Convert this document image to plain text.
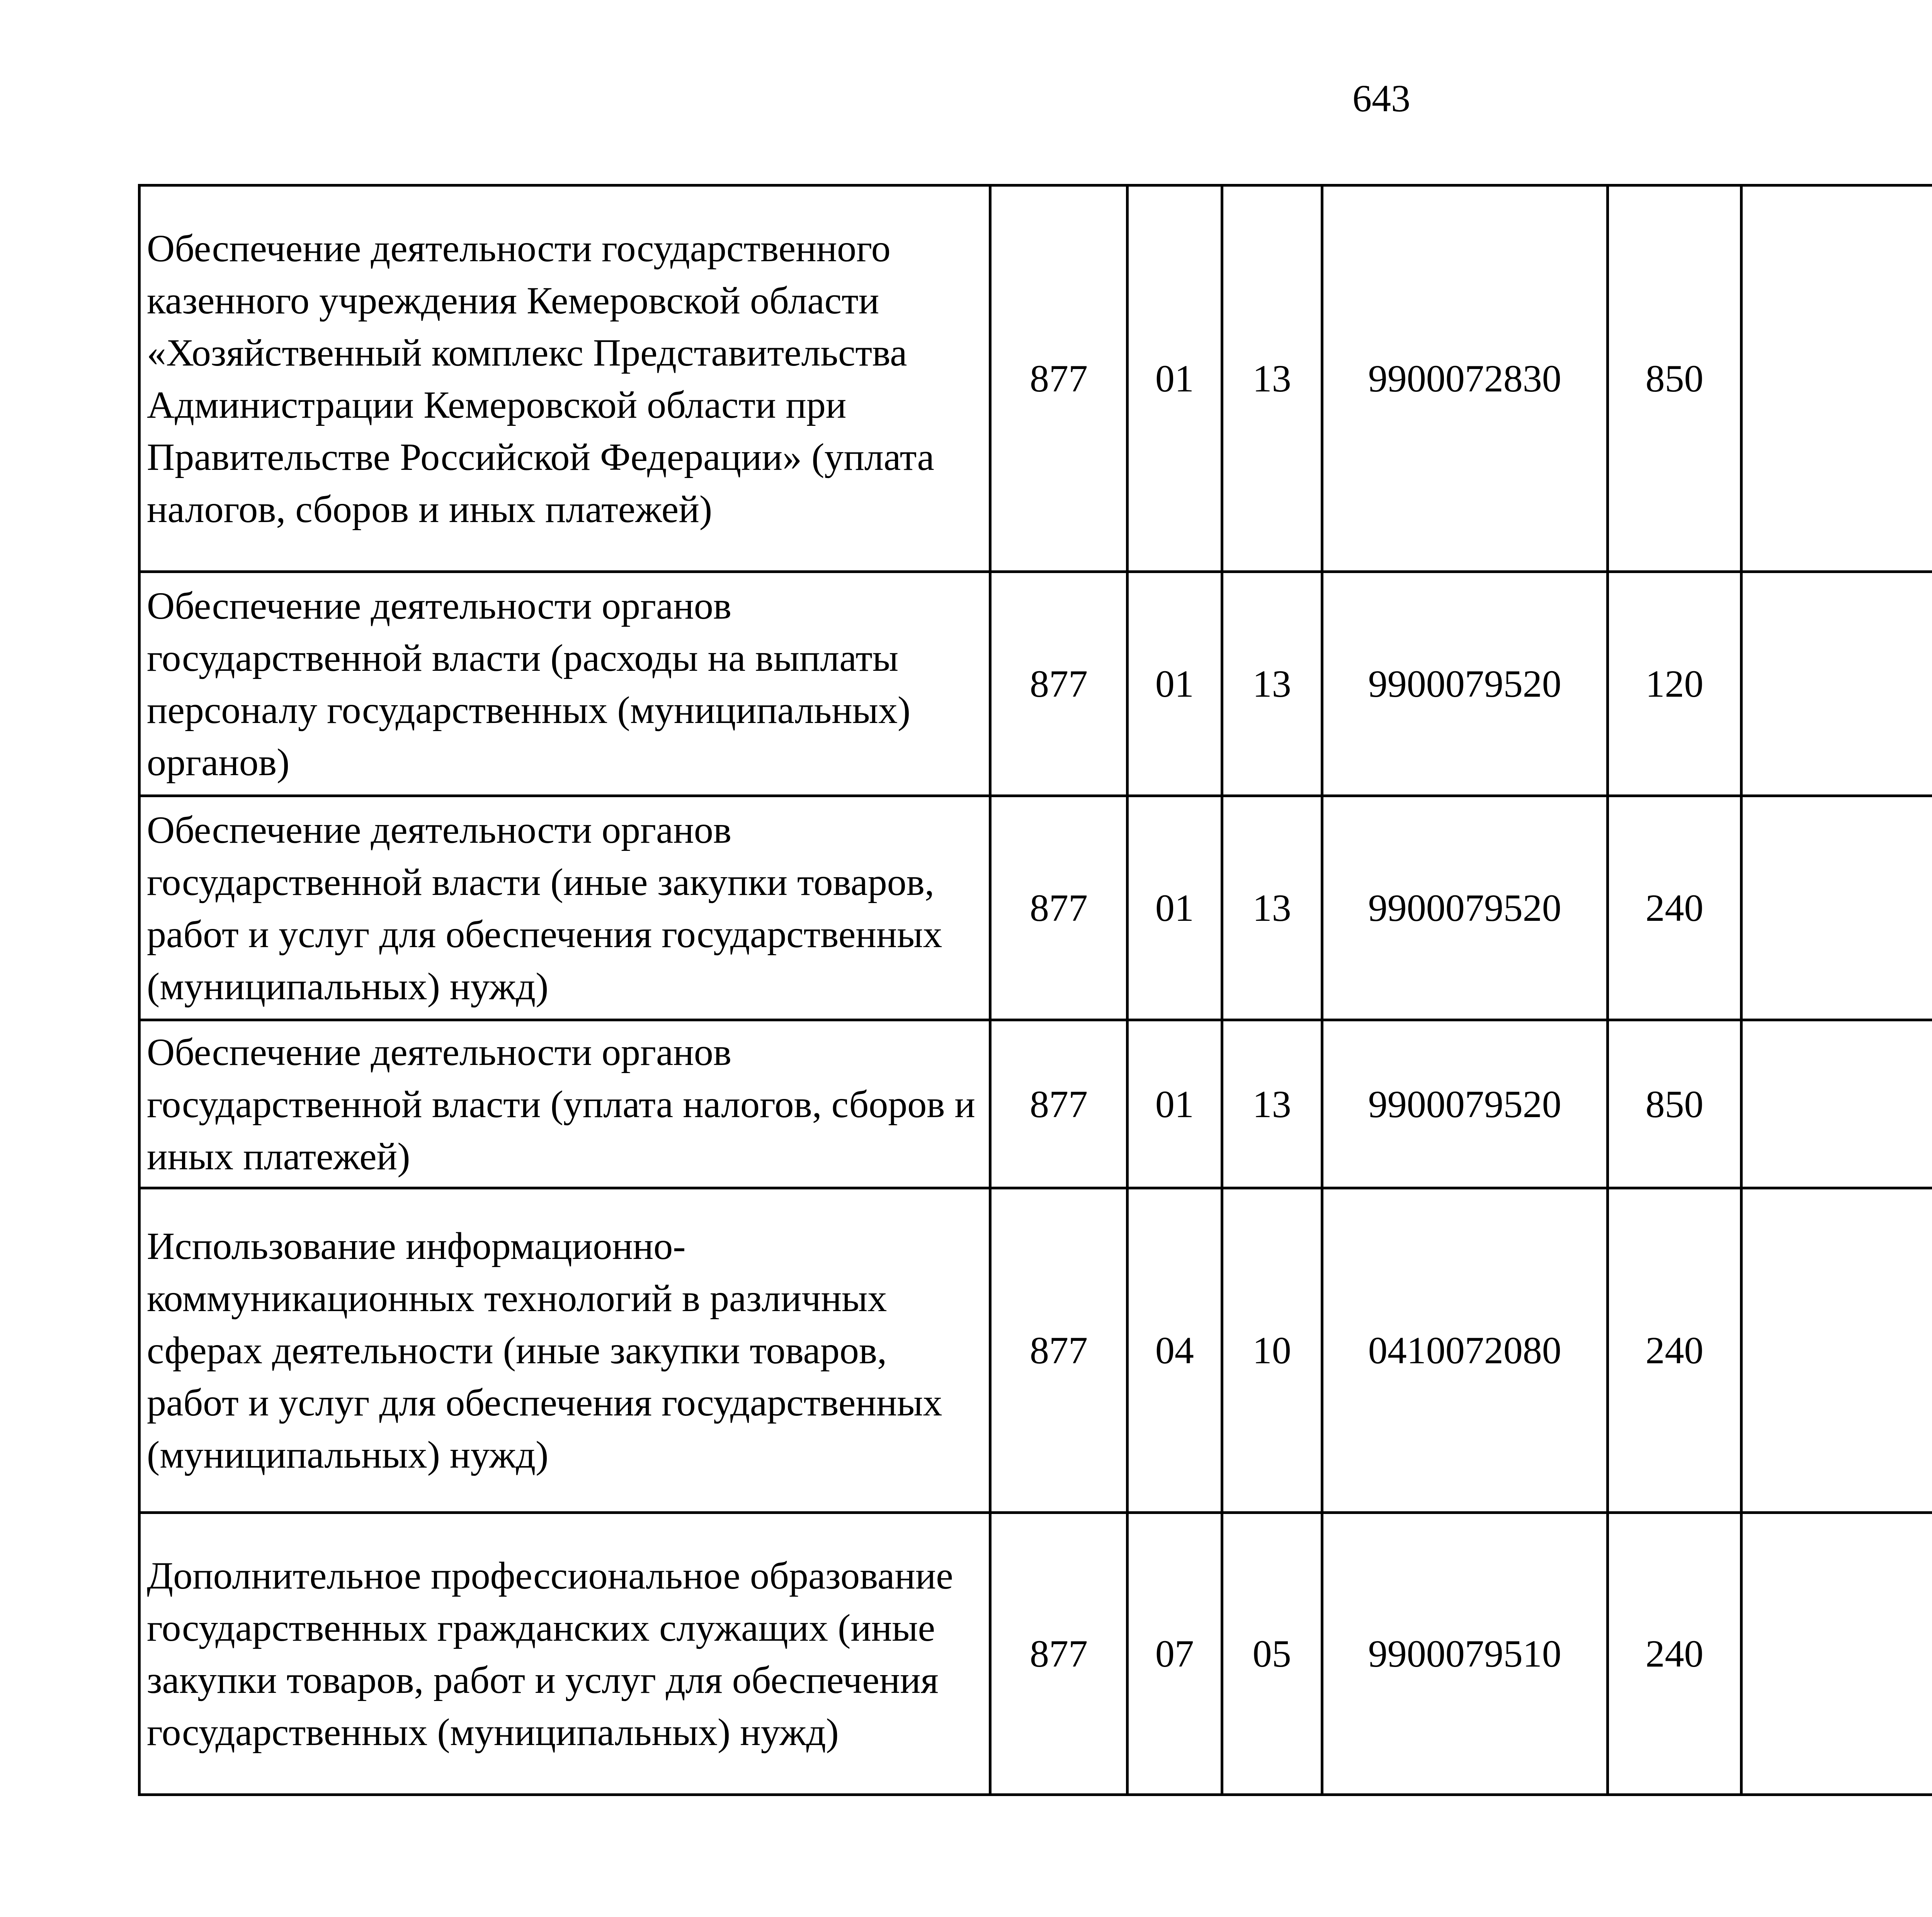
643
Обеспечение деятельности государственного казенного учреждения Кемеровской области «Хозяйственный комплекс Представительства Администрации Кемеровской области при Правительстве Российской Федерации» (уплата налогов, сборов и иных платежей)	877	01	13	9900072830	850			
Обеспечение деятельности органов государственной власти (расходы на выплаты персоналу государственных (муниципальных) органов)	877	01	13	9900079520	120			
Обеспечение деятельности органов государственной власти (иные закупки товаров, работ и услуг для обеспечения государственных (муниципальных) нужд)	877	01	13	9900079520	240			
Обеспечение деятельности органов государственной власти (уплата налогов, сборов и иных платежей)	877	01	13	9900079520	850			
Использование информационно-коммуникационных технологий в различных сферах деятельности (иные закупки товаров, работ и услуг для обеспечения государственных (муниципальных) нужд)	877	04	10	0410072080	240			
Дополнительное профессиональное образование государственных гражданских служащих (иные закупки товаров, работ и услуг для обеспечения государственных (муниципальных) нужд)	877	07	05	9900079510	240			
